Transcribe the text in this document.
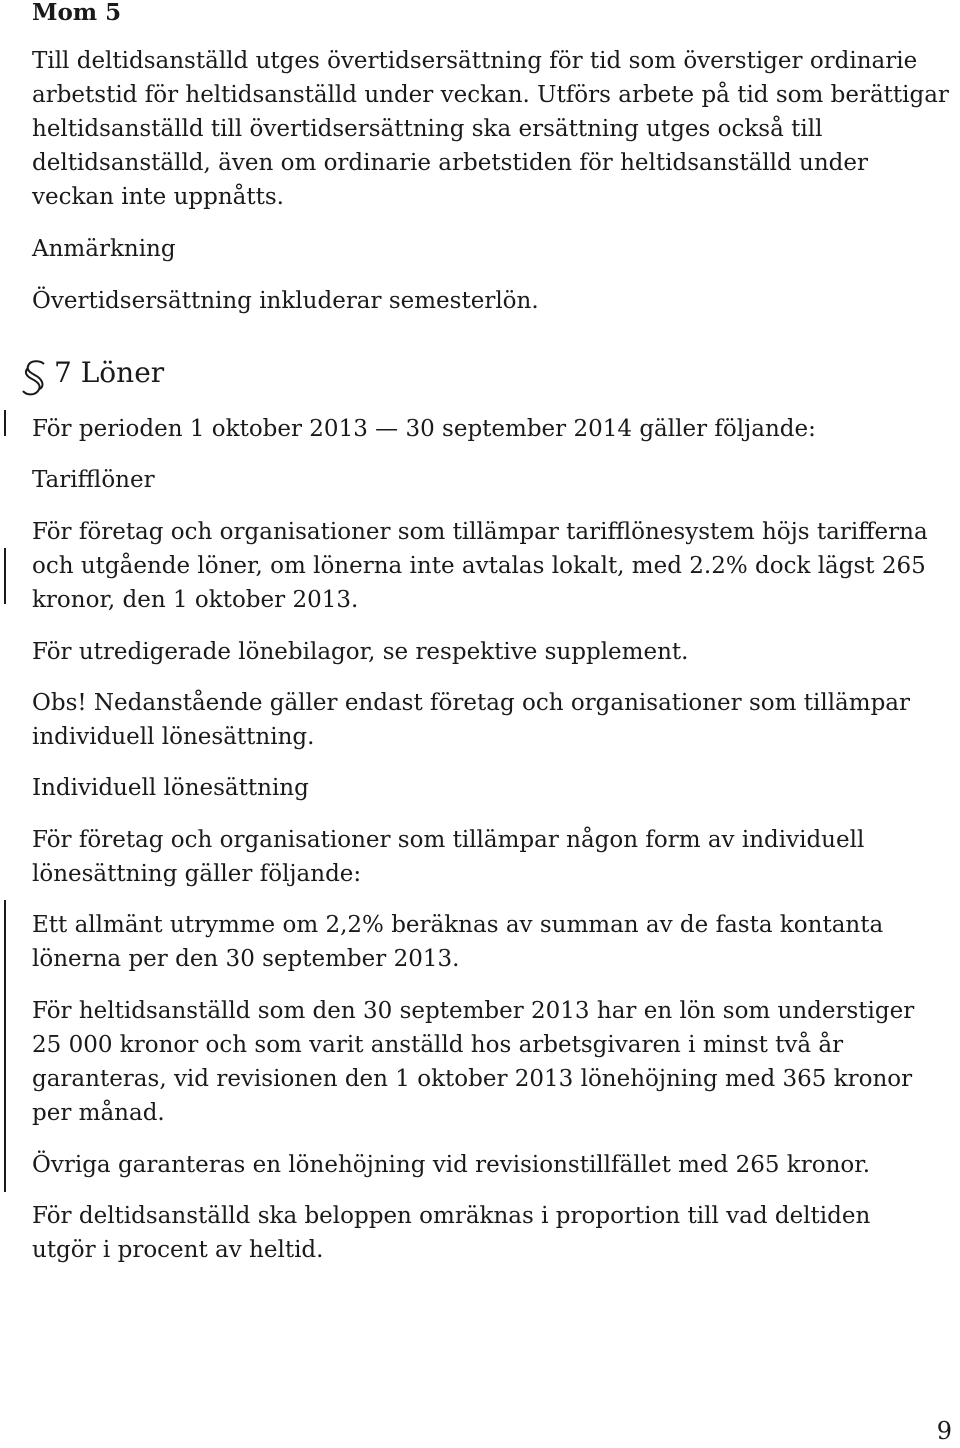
Mom 5

Till deltidsanställd utges övertidsersättning för tid som överstiger ordinarie

arbetstid för heltidsanställd under veckan. Utförs arbete på tid som berättigar

heltidsanställd till övertidsersättning ska ersättning utges också till

deltidsanställd, även om ordinarie arbetstiden för heltidsanställd under

veckan inte uppnåtts.

Anmärkning

Övertidsersättning inkluderar semesterlön.

7 Löner

För perioden 1 oktober 2013 — 30 september 2014 gäller följande:

Tarifflöner

För företag och organisationer som tillämpar tarifflönesystem höjs tarifferna

och utgående löner, om lönerna inte avtalas lokalt, med 2.2% dock lägst 265

kronor, den 1 oktober 2013.

För utredigerade lönebilagor, se respektive supplement.

Obs! Nedanstående gäller endast företag och organisationer som tillämpar

individuell lönesättning.

Individuell lönesättning

För företag och organisationer som tillämpar någon form av individuell

lönesättning gäller följande:

Ett allmänt utrymme om 2,2% beräknas av summan av de fasta kontanta

lönerna per den 30 september 2013.

För heltidsanställd som den 30 september 2013 har en lön som understiger

25 000 kronor och som varit anställd hos arbetsgivaren i minst två år

garanteras, vid revisionen den 1 oktober 2013 lönehöjning med 365 kronor

per månad.

Övriga garanteras en lönehöjning vid revisionstillfället med 265 kronor.

För deltidsanställd ska beloppen omräknas i proportion till vad deltiden

utgör i procent av heltid.

9
